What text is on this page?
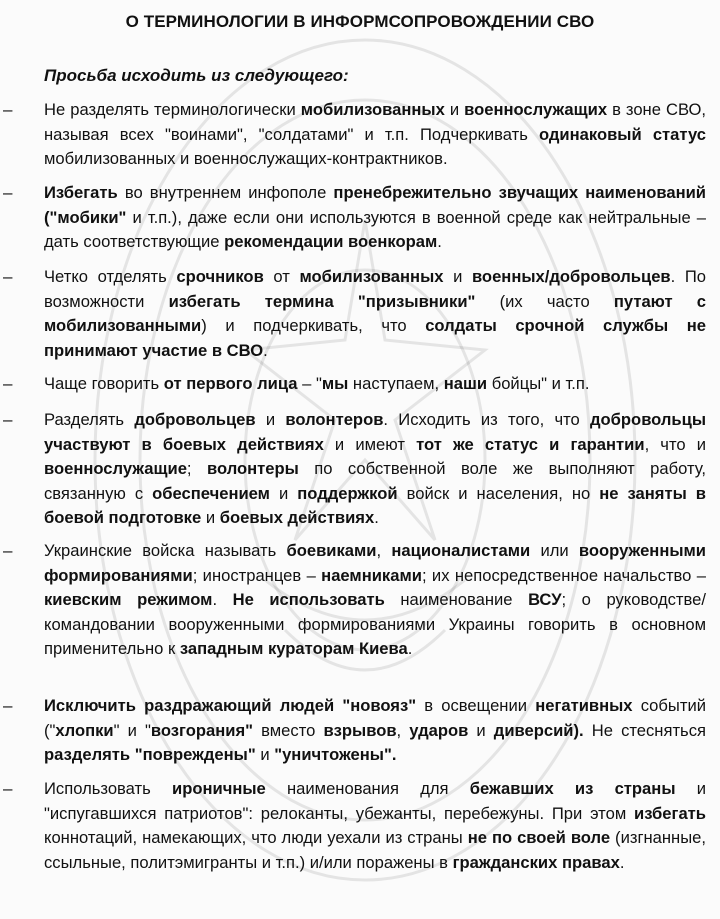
О ТЕРМИНОЛОГИИ В ИНФОРМСОПРОВОЖДЕНИИ СВО

Просьба исходить из следующего:

– Не разделять терминологически мобилизованных и военнослужащих в зоне СВО, называя всех "воинами", "солдатами" и т.п. Подчеркивать одинаковый статус мобилизованных и военнослужащих-контрактников.

– Избегать во внутреннем инфополе пренебрежительно звучащих наименований ("мобики" и т.п.), даже если они используются в военной среде как нейтральные – дать соответствующие рекомендации военкорам.

– Четко отделять срочников от мобилизованных и военных/добровольцев. По возможности избегать термина "призывники" (их часто путают с мобилизованными) и подчеркивать, что солдаты срочной службы не принимают участие в СВО.

– Чаще говорить от первого лица – "мы наступаем, наши бойцы" и т.п.

– Разделять добровольцев и волонтеров. Исходить из того, что добровольцы участвуют в боевых действиях и имеют тот же статус и гарантии, что и военнослужащие; волонтеры по собственной воле же выполняют работу, связанную с обеспечением и поддержкой войск и населения, но не заняты в боевой подготовке и боевых действиях.

– Украинские войска называть боевиками, националистами или вооруженными формированиями; иностранцев – наемниками; их непосредственное начальство – киевским режимом. Не использовать наименование ВСУ; о руководстве/командовании вооруженными формированиями Украины говорить в основном применительно к западным кураторам Киева.

– Исключить раздражающий людей "новояз" в освещении негативных событий ("хлопки" и "возгорания" вместо взрывов, ударов и диверсий). Не стесняться разделять "повреждены" и "уничтожены".

– Использовать ироничные наименования для бежавших из страны и "испугавшихся патриотов": релоканты, убежанты, перебежуны. При этом избегать коннотаций, намекающих, что люди уехали из страны не по своей воле (изгнанные, ссыльные, политэмигранты и т.п.) и/или поражены в гражданских правах.
